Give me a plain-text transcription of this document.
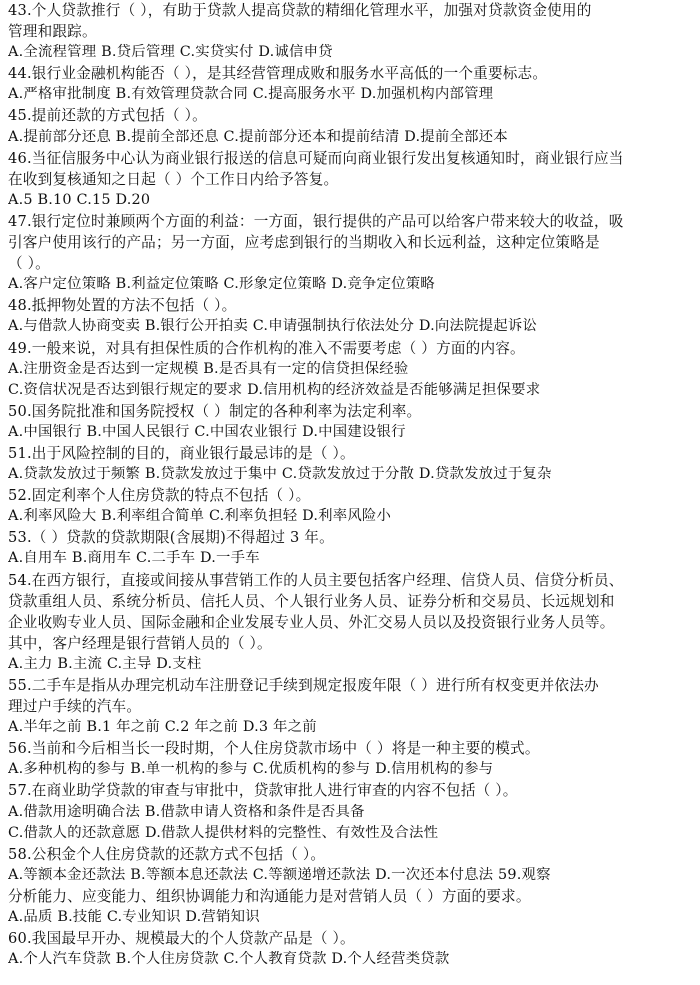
43.个人贷款推行（ ），有助于贷款人提高贷款的精细化管理水平，加强对贷款资金使用的
管理和跟踪。
A.全流程管理 B.贷后管理 C.实贷实付 D.诚信申贷
44.银行业金融机构能否（ ），是其经营管理成败和服务水平高低的一个重要标志。
A.严格审批制度 B.有效管理贷款合同 C.提高服务水平 D.加强机构内部管理
45.提前还款的方式包括（ ）。
A.提前部分还息 B.提前全部还息 C.提前部分还本和提前结清 D.提前全部还本
46.当征信服务中心认为商业银行报送的信息可疑而向商业银行发出复核通知时，商业银行应当
在收到复核通知之日起（ ）个工作日内给予答复。
A.5 B.10 C.15 D.20
47.银行定位时兼顾两个方面的利益：一方面，银行提供的产品可以给客户带来较大的收益，吸
引客户使用该行的产品；另一方面，应考虑到银行的当期收入和长远利益，这种定位策略是
（ ）。
A.客户定位策略 B.利益定位策略 C.形象定位策略 D.竞争定位策略
48.抵押物处置的方法不包括（ ）。
A.与借款人协商变卖 B.银行公开拍卖 C.申请强制执行依法处分 D.向法院提起诉讼
49.一般来说，对具有担保性质的合作机构的准入不需要考虑（ ）方面的内容。
A.注册资金是否达到一定规模 B.是否具有一定的信贷担保经验
C.资信状况是否达到银行规定的要求 D.信用机构的经济效益是否能够满足担保要求
50.国务院批准和国务院授权（ ）制定的各种利率为法定利率。
A.中国银行 B.中国人民银行 C.中国农业银行 D.中国建设银行
51.出于风险控制的目的，商业银行最忌讳的是（ ）。
A.贷款发放过于频繁 B.贷款发放过于集中 C.贷款发放过于分散 D.贷款发放过于复杂
52.固定利率个人住房贷款的特点不包括（ ）。
A.利率风险大 B.利率组合简单 C.利率负担轻 D.利率风险小
53.（ ）贷款的贷款期限(含展期)不得超过 3 年。
A.自用车 B.商用车 C.二手车 D.一手车
54.在西方银行，直接或间接从事营销工作的人员主要包括客户经理、信贷人员、信贷分析员、
贷款重组人员、系统分析员、信托人员、个人银行业务人员、证券分析和交易员、长远规划和
企业收购专业人员、国际金融和企业发展专业人员、外汇交易人员以及投资银行业务人员等。
其中，客户经理是银行营销人员的（ ）。
A.主力 B.主流 C.主导 D.支柱
55.二手车是指从办理完机动车注册登记手续到规定报废年限（ ）进行所有权变更并依法办
理过户手续的汽车。
A.半年之前 B.1 年之前 C.2 年之前 D.3 年之前
56.当前和今后相当长一段时期，个人住房贷款市场中（ ）将是一种主要的模式。
A.多种机构的参与 B.单一机构的参与 C.优质机构的参与 D.信用机构的参与
57.在商业助学贷款的审查与审批中，贷款审批人进行审查的内容不包括（ ）。
A.借款用途明确合法 B.借款申请人资格和条件是否具备
C.借款人的还款意愿 D.借款人提供材料的完整性、有效性及合法性
58.公积金个人住房贷款的还款方式不包括（ ）。
A.等额本金还款法 B.等额本息还款法 C.等额递增还款法 D.一次还本付息法 59.观察
分析能力、应变能力、组织协调能力和沟通能力是对营销人员（ ）方面的要求。
A.品质 B.技能 C.专业知识 D.营销知识
60.我国最早开办、规模最大的个人贷款产品是（ ）。
A.个人汽车贷款 B.个人住房贷款 C.个人教育贷款 D.个人经营类贷款
